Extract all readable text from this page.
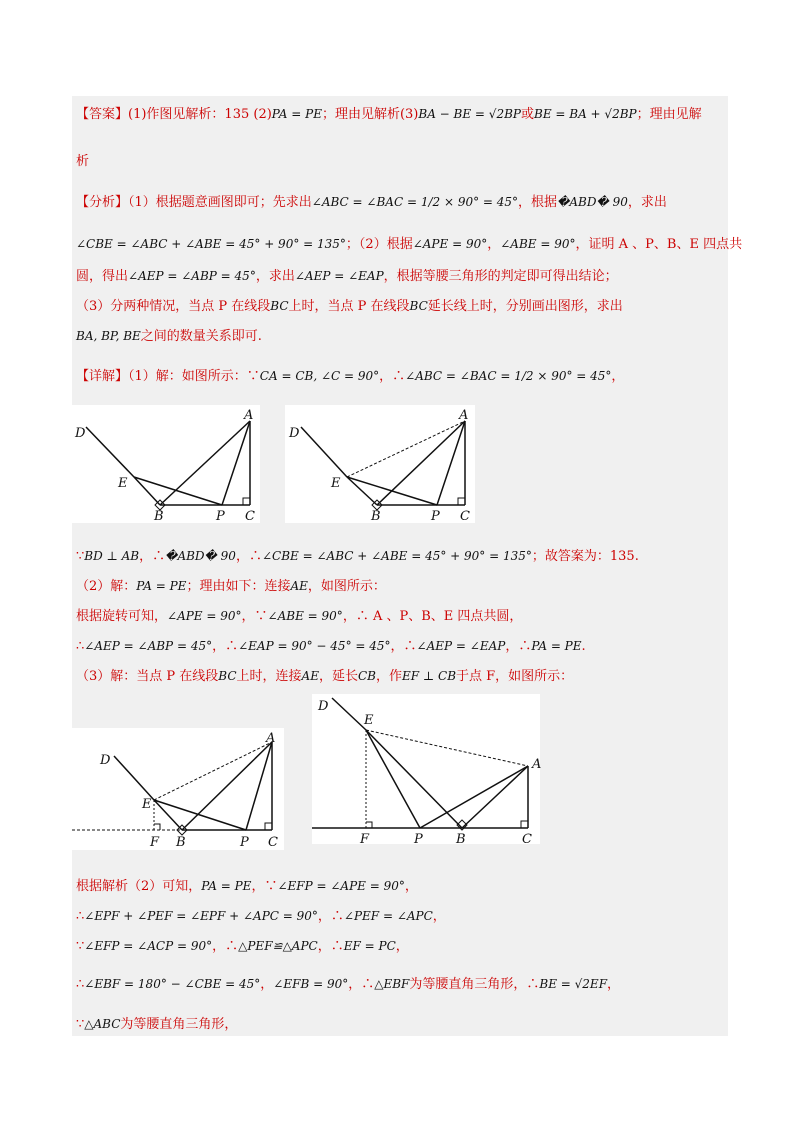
【答案】(1)作图见解析：135 (2)PA = PE；理由见解析(3)BA − BE = √2BP或BE = BA + √2BP；理由见解
析
【分析】（1）根据题意画图即可；先求出∠ABC = ∠BAC = 1/2 × 90° = 45°，根据�ABD� 90，求出
∠CBE = ∠ABC + ∠ABE = 45° + 90° = 135°；（2）根据∠APE = 90°，∠ABE = 90°，证明 A 、P、B、E 四点共
圆，得出∠AEP = ∠ABP = 45°，求出∠AEP = ∠EAP，根据等腰三角形的判定即可得出结论；
（3）分两种情况，当点 P 在线段BC上时，当点 P 在线段BC延长线上时，分别画出图形，求出
BA, BP, BE之间的数量关系即可.
【详解】（1）解：如图所示：∵CA = CB, ∠C = 90°，∴∠ABC = ∠BAC = 1/2 × 90° = 45°，
D
A
E
B	P C
D
A
E
B	P C
∵BD ⊥ AB，∴�ABD� 90，∴∠CBE = ∠ABC + ∠ABE = 45° + 90° = 135°；故答案为：135.
（2）解：PA = PE；理由如下：连接AE，如图所示：
根据旋转可知，∠APE = 90°，∵∠ABE = 90°，∴ A 、P、B、E 四点共圆，
∴∠AEP = ∠ABP = 45°，∴∠EAP = 90° − 45° = 45°，∴∠AEP = ∠EAP，∴PA = PE.
（3）解：当点 P 在线段BC上时，连接AE，延长CB，作EF ⊥ CB于点 F，如图所示：
D
A
E
F B	P C
D
E
A
F	P	B	C
根据解析（2）可知，PA = PE，∵∠EFP = ∠APE = 90°，
∴∠EPF + ∠PEF = ∠EPF + ∠APC = 90°，∴∠PEF = ∠APC，
∵∠EFP = ∠ACP = 90°，∴△PEF≌△APC，∴EF = PC，
∴∠EBF = 180° − ∠CBE = 45°，∠EFB = 90°，∴△EBF为等腰直角三角形，∴BE = √2EF，
∵△ABC为等腰直角三角形，
